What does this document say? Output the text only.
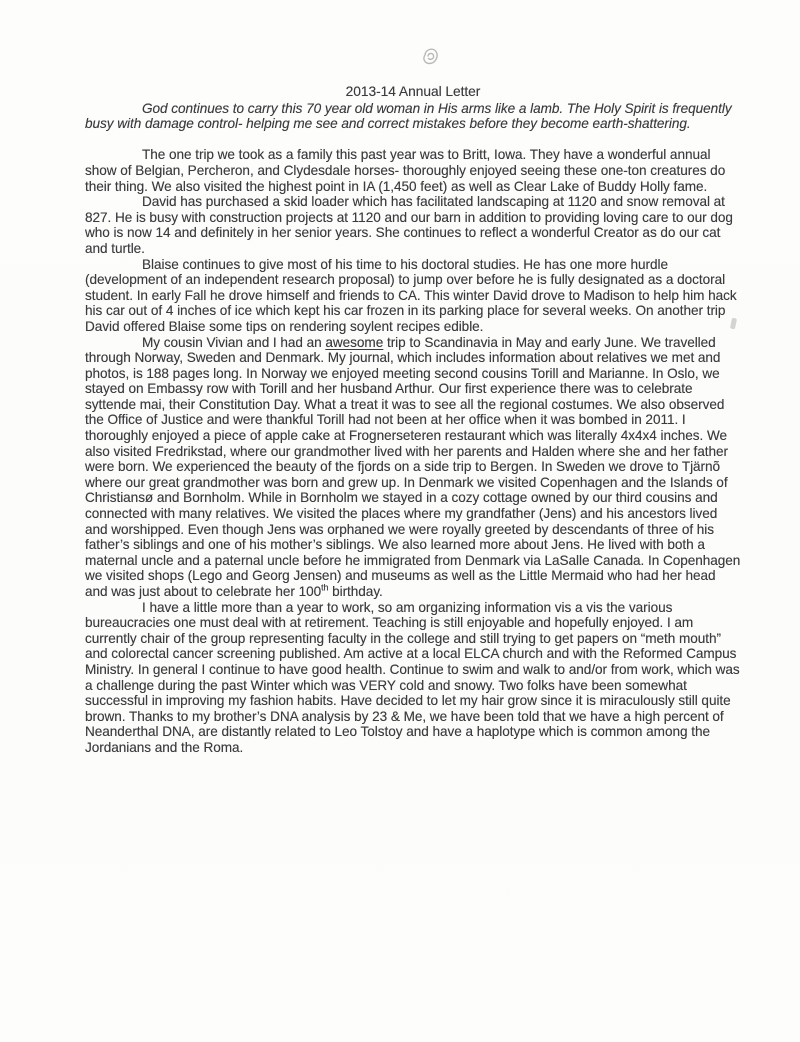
2013-14 Annual Letter

God continues to carry this 70 year old woman in His arms like a lamb. The Holy Spirit is frequently busy with damage control- helping me see and correct mistakes before they become earth-shattering.

The one trip we took as a family this past year was to Britt, Iowa. They have a wonderful annual show of Belgian, Percheron, and Clydesdale horses- thoroughly enjoyed seeing these one-ton creatures do their thing. We also visited the highest point in IA (1,450 feet) as well as Clear Lake of Buddy Holly fame.

David has purchased a skid loader which has facilitated landscaping at 1120 and snow removal at 827. He is busy with construction projects at 1120 and our barn in addition to providing loving care to our dog who is now 14 and definitely in her senior years. She continues to reflect a wonderful Creator as do our cat and turtle.

Blaise continues to give most of his time to his doctoral studies. He has one more hurdle (development of an independent research proposal) to jump over before he is fully designated as a doctoral student. In early Fall he drove himself and friends to CA. This winter David drove to Madison to help him hack his car out of 4 inches of ice which kept his car frozen in its parking place for several weeks. On another trip David offered Blaise some tips on rendering soylent recipes edible.

My cousin Vivian and I had an awesome trip to Scandinavia in May and early June. We travelled through Norway, Sweden and Denmark. My journal, which includes information about relatives we met and photos, is 188 pages long. In Norway we enjoyed meeting second cousins Torill and Marianne. In Oslo, we stayed on Embassy row with Torill and her husband Arthur. Our first experience there was to celebrate syttende mai, their Constitution Day. What a treat it was to see all the regional costumes. We also observed the Office of Justice and were thankful Torill had not been at her office when it was bombed in 2011. I thoroughly enjoyed a piece of apple cake at Frognerseteren restaurant which was literally 4x4x4 inches. We also visited Fredrikstad, where our grandmother lived with her parents and Halden where she and her father were born. We experienced the beauty of the fjords on a side trip to Bergen. In Sweden we drove to Tjärnõ where our great grandmother was born and grew up. In Denmark we visited Copenhagen and the Islands of Christiansø and Bornholm. While in Bornholm we stayed in a cozy cottage owned by our third cousins and connected with many relatives. We visited the places where my grandfather (Jens) and his ancestors lived and worshipped. Even though Jens was orphaned we were royally greeted by descendants of three of his father’s siblings and one of his mother’s siblings. We also learned more about Jens. He lived with both a maternal uncle and a paternal uncle before he immigrated from Denmark via LaSalle Canada. In Copenhagen we visited shops (Lego and Georg Jensen) and museums as well as the Little Mermaid who had her head and was just about to celebrate her 100th birthday.

I have a little more than a year to work, so am organizing information vis a vis the various bureaucracies one must deal with at retirement. Teaching is still enjoyable and hopefully enjoyed. I am currently chair of the group representing faculty in the college and still trying to get papers on “meth mouth” and colorectal cancer screening published. Am active at a local ELCA church and with the Reformed Campus Ministry. In general I continue to have good health. Continue to swim and walk to and/or from work, which was a challenge during the past Winter which was VERY cold and snowy. Two folks have been somewhat successful in improving my fashion habits. Have decided to let my hair grow since it is miraculously still quite brown. Thanks to my brother’s DNA analysis by 23 & Me, we have been told that we have a high percent of Neanderthal DNA, are distantly related to Leo Tolstoy and have a haplotype which is common among the Jordanians and the Roma.
